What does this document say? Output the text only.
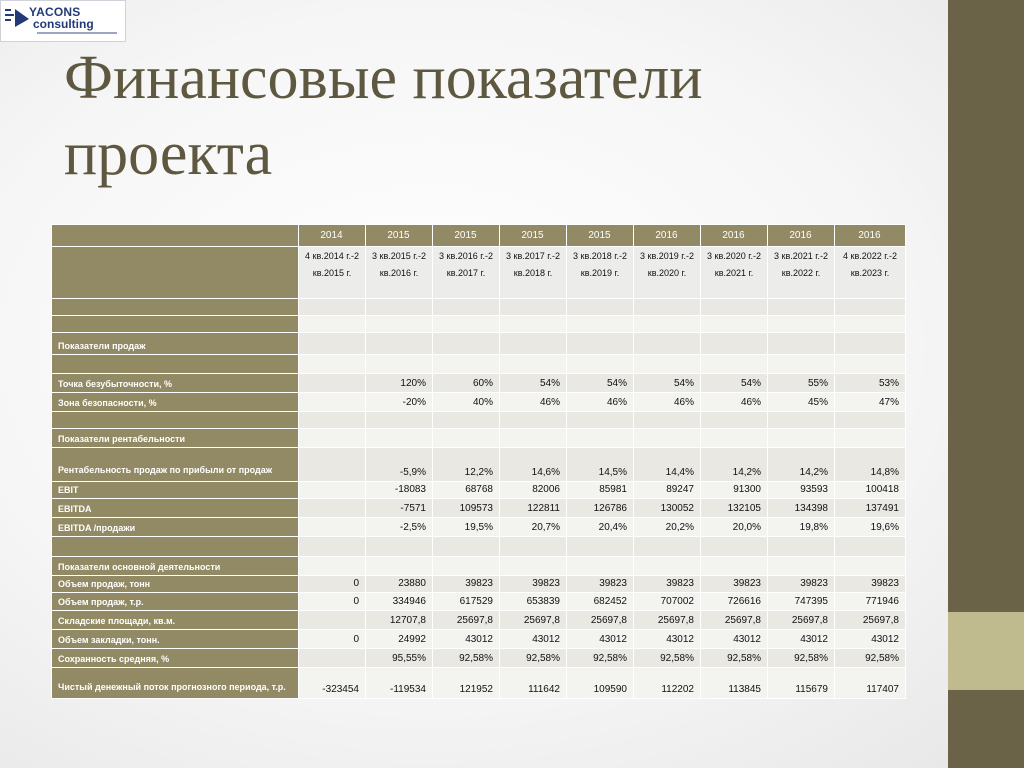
YACONS
consulting
Финансовые показатели проекта
	2014	2015	2015	2015	2015	2016	2016	2016	2016
	4 кв.2014 г.-2 кв.2015 г.	3 кв.2015 г.-2 кв.2016 г.	3 кв.2016 г.-2 кв.2017 г.	3 кв.2017 г.-2 кв.2018 г.	3 кв.2018 г.-2 кв.2019 г.	3 кв.2019 г.-2 кв.2020 г.	3 кв.2020 г.-2 кв.2021 г.	3 кв.2021 г.-2 кв.2022 г.	4 кв.2022 г.-2 кв.2023 г.

Показатели продаж									

Точка безубыточности, %		120%	60%	54%	54%	54%	54%	55%	53%
Зона безопасности, %		-20%	40%	46%	46%	46%	46%	45%	47%

Показатели рентабельности									
Рентабельность продаж по прибыли от продаж		-5,9%	12,2%	14,6%	14,5%	14,4%	14,2%	14,2%	14,8%
EBIT		-18083	68768	82006	85981	89247	91300	93593	100418
EBITDA		-7571	109573	122811	126786	130052	132105	134398	137491
EBITDA /продажи		-2,5%	19,5%	20,7%	20,4%	20,2%	20,0%	19,8%	19,6%

Показатели основной деятельности									
Объем продаж, тонн	0	23880	39823	39823	39823	39823	39823	39823	39823
Объем продаж, т.р.	0	334946	617529	653839	682452	707002	726616	747395	771946
Складские площади, кв.м.		12707,8	25697,8	25697,8	25697,8	25697,8	25697,8	25697,8	25697,8
Объем закладки, тонн.	0	24992	43012	43012	43012	43012	43012	43012	43012
Сохранность средняя, %		95,55%	92,58%	92,58%	92,58%	92,58%	92,58%	92,58%	92,58%
Чистый денежный поток прогнозного периода, т.р.	-323454	-119534	121952	111642	109590	112202	113845	115679	117407
